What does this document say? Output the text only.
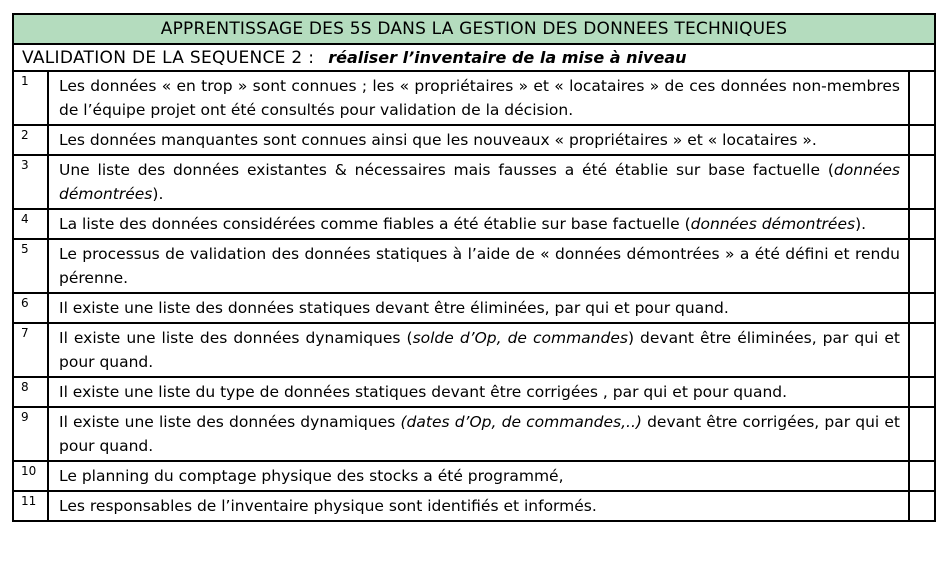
APPRENTISSAGE DES 5S DANS LA GESTION DES DONNEES TECHNIQUES
VALIDATION DE LA SEQUENCE 2 : réaliser l’inventaire de la mise à niveau
1	Les données « en trop » sont connues ; les « propriétaires » et « locataires » de ces données non-membres de l’équipe projet ont été consultés pour validation de la décision.	
2	Les données manquantes sont connues ainsi que les nouveaux « propriétaires » et « locataires ».	
3	Une liste des données existantes & nécessaires mais fausses a été établie sur base factuelle (données démontrées).	
4	La liste des données considérées comme fiables a été établie sur base factuelle (données démontrées).	
5	Le processus de validation des données statiques à l’aide de « données démontrées » a été défini et rendu pérenne.	
6	Il existe une liste des données statiques devant être éliminées, par qui et pour quand.	
7	Il existe une liste des données dynamiques (solde d’Op, de commandes) devant être éliminées, par qui et pour quand.	
8	Il existe une liste du type de données statiques devant être corrigées , par qui et pour quand.	
9	Il existe une liste des données dynamiques (dates d’Op, de commandes,..) devant être corrigées, par qui et pour quand.	
10	Le planning du comptage physique des stocks a été programmé,	
11	Les responsables de l’inventaire physique sont identifiés et informés.	
